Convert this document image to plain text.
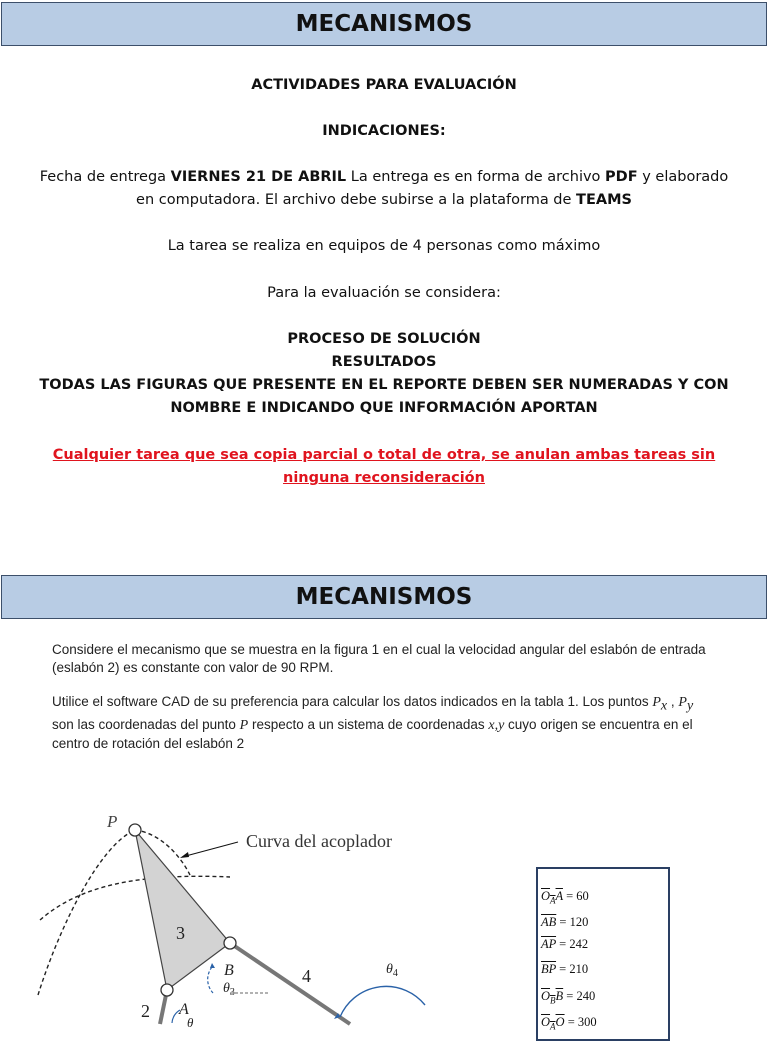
MECANISMOS
ACTIVIDADES PARA EVALUACIÓN
INDICACIONES:
Fecha de entrega VIERNES 21 DE ABRIL La entrega es en forma de archivo PDF y elaborado en computadora. El archivo debe subirse a la plataforma de TEAMS
La tarea se realiza en equipos de 4 personas como máximo
Para la evaluación se considera:
PROCESO DE SOLUCIÓN
RESULTADOS
TODAS LAS FIGURAS QUE PRESENTE EN EL REPORTE DEBEN SER NUMERADAS Y CON NOMBRE E INDICANDO QUE INFORMACIÓN APORTAN
Cualquier tarea que sea copia parcial o total de otra, se anulan ambas tareas sin ninguna reconsideración
MECANISMOS
Considere el mecanismo que se muestra en la figura 1 en el cual la velocidad angular del eslabón de entrada (eslabón 2) es constante con valor de 90 RPM.
Utilice el software CAD de su preferencia para calcular los datos indicados en la tabla 1. Los puntos $P_x$ , $P_y$ son las coordenadas del punto P respecto a un sistema de coordenadas x,y cuyo origen se encuentra en el centro de rotación del eslabón 2
P
Curva del acoplador
3
B
$\theta_3$
4	$\theta_4$
2 A
θ
$O_AA = 60$
$\overline{AB} = 120$
$\overline{AP} = 242$
$\overline{BP} = 210$
$O_BB = 240$
$O_AO = 300$
